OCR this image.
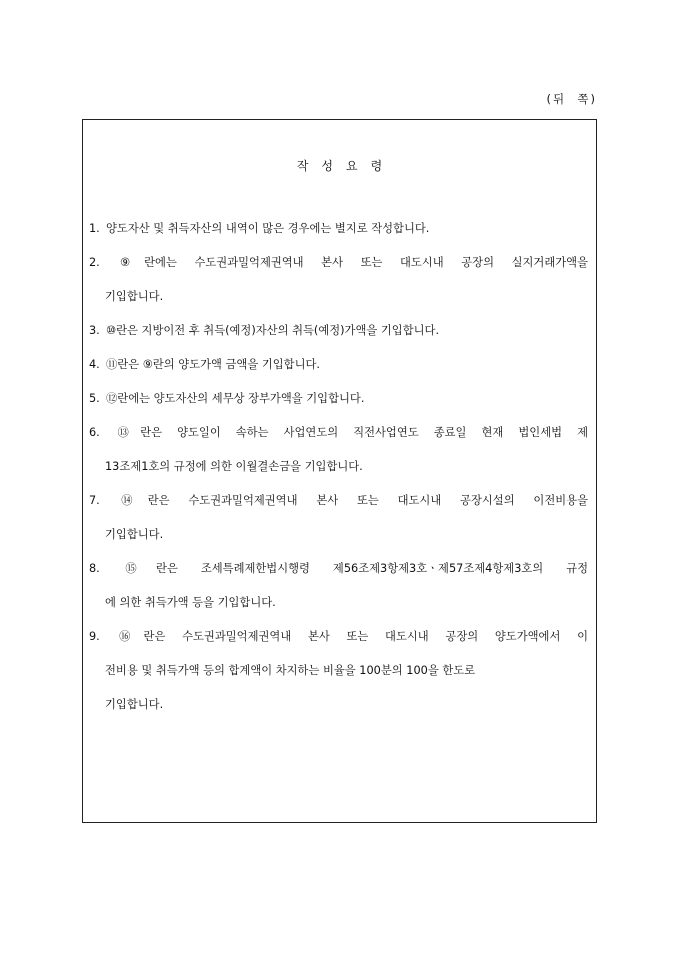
(뒤  쪽)
작성요령
1. 양도자산 및 취득자산의 내역이 많은 경우에는 별지로 작성합니다.
2. ⑨란에는 수도권과밀억제권역내 본사 또는 대도시내 공장의 실지거래가액을
기입합니다.
3. ⑩란은 지방이전 후 취득(예정)자산의 취득(예정)가액을 기입합니다.
4. ⑪란은 ⑨란의 양도가액 금액을 기입합니다.
5. ⑫란에는 양도자산의 세무상 장부가액을 기입합니다.
6. ⑬란은 양도일이 속하는 사업연도의 직전사업연도 종료일 현재 법인세법 제
13조제1호의 규정에 의한 이월결손금을 기입합니다.
7. ⑭란은 수도권과밀억제권역내 본사 또는 대도시내 공장시설의 이전비용을
기입합니다.
8. ⑮란은 조세특례제한법시행령 제56조제3항제3호ㆍ제57조제4항제3호의 규정
에 의한 취득가액 등을 기입합니다.
9. ⑯란은 수도권과밀억제권역내 본사 또는 대도시내 공장의 양도가액에서 이
전비용 및 취득가액 등의 합계액이 차지하는 비율을 100분의 100을 한도로
기입합니다.
